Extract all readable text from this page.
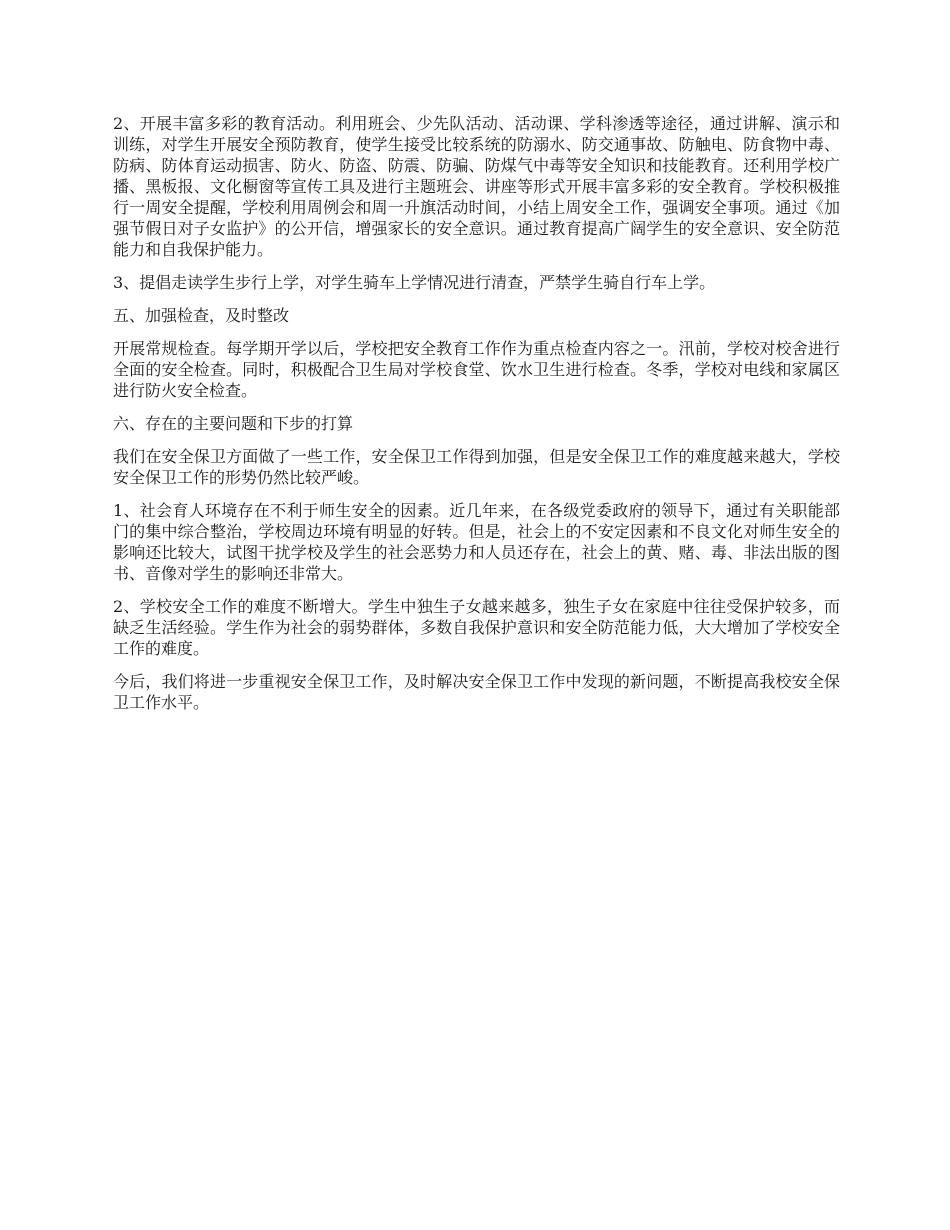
2、开展丰富多彩的教育活动。利用班会、少先队活动、活动课、学科渗透等途径，通过讲解、演示和训练，对学生开展安全预防教育，使学生接受比较系统的防溺水、防交通事故、防触电、防食物中毒、防病、防体育运动损害、防火、防盗、防震、防骗、防煤气中毒等安全知识和技能教育。还利用学校广播、黑板报、文化橱窗等宣传工具及进行主题班会、讲座等形式开展丰富多彩的安全教育。学校积极推行一周安全提醒，学校利用周例会和周一升旗活动时间，小结上周安全工作，强调安全事项。通过《加强节假日对子女监护》的公开信，增强家长的安全意识。通过教育提高广阔学生的安全意识、安全防范能力和自我保护能力。

3、提倡走读学生步行上学，对学生骑车上学情况进行清查，严禁学生骑自行车上学。

五、加强检查，及时整改

开展常规检查。每学期开学以后，学校把安全教育工作作为重点检查内容之一。汛前，学校对校舍进行全面的安全检查。同时，积极配合卫生局对学校食堂、饮水卫生进行检查。冬季，学校对电线和家属区进行防火安全检查。

六、存在的主要问题和下步的打算

我们在安全保卫方面做了一些工作，安全保卫工作得到加强，但是安全保卫工作的难度越来越大，学校安全保卫工作的形势仍然比较严峻。

1、社会育人环境存在不利于师生安全的因素。近几年来，在各级党委政府的领导下，通过有关职能部门的集中综合整治，学校周边环境有明显的好转。但是，社会上的不安定因素和不良文化对师生安全的影响还比较大，试图干扰学校及学生的社会恶势力和人员还存在，社会上的黄、赌、毒、非法出版的图书、音像对学生的影响还非常大。

2、学校安全工作的难度不断增大。学生中独生子女越来越多，独生子女在家庭中往往受保护较多，而缺乏生活经验。学生作为社会的弱势群体，多数自我保护意识和安全防范能力低，大大增加了学校安全工作的难度。

今后，我们将进一步重视安全保卫工作，及时解决安全保卫工作中发现的新问题，不断提高我校安全保卫工作水平。
